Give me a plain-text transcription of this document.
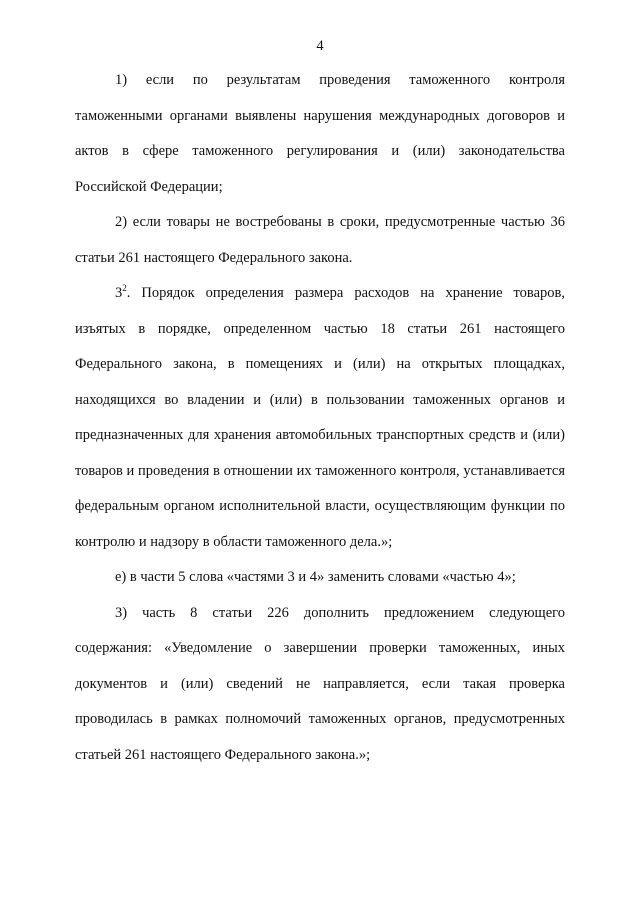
4

1) если по результатам проведения таможенного контроля таможенными органами выявлены нарушения международных договоров и актов в сфере таможенного регулирования и (или) законодательства Российской Федерации;

2) если товары не востребованы в сроки, предусмотренные частью 36 статьи 261 настоящего Федерального закона.

$3^2$. Порядок определения размера расходов на хранение товаров, изъятых в порядке, определенном частью 18 статьи 261 настоящего Федерального закона, в помещениях и (или) на открытых площадках, находящихся во владении и (или) в пользовании таможенных органов и предназначенных для хранения автомобильных транспортных средств и (или) товаров и проведения в отношении их таможенного контроля, устанавливается федеральным органом исполнительной власти, осуществляющим функции по контролю и надзору в области таможенного дела.»;

е) в части 5 слова «частями 3 и 4» заменить словами «частью 4»;

3) часть 8 статьи 226 дополнить предложением следующего содержания: «Уведомление о завершении проверки таможенных, иных документов и (или) сведений не направляется, если такая проверка проводилась в рамках полномочий таможенных органов, предусмотренных статьей 261 настоящего Федерального закона.»;
